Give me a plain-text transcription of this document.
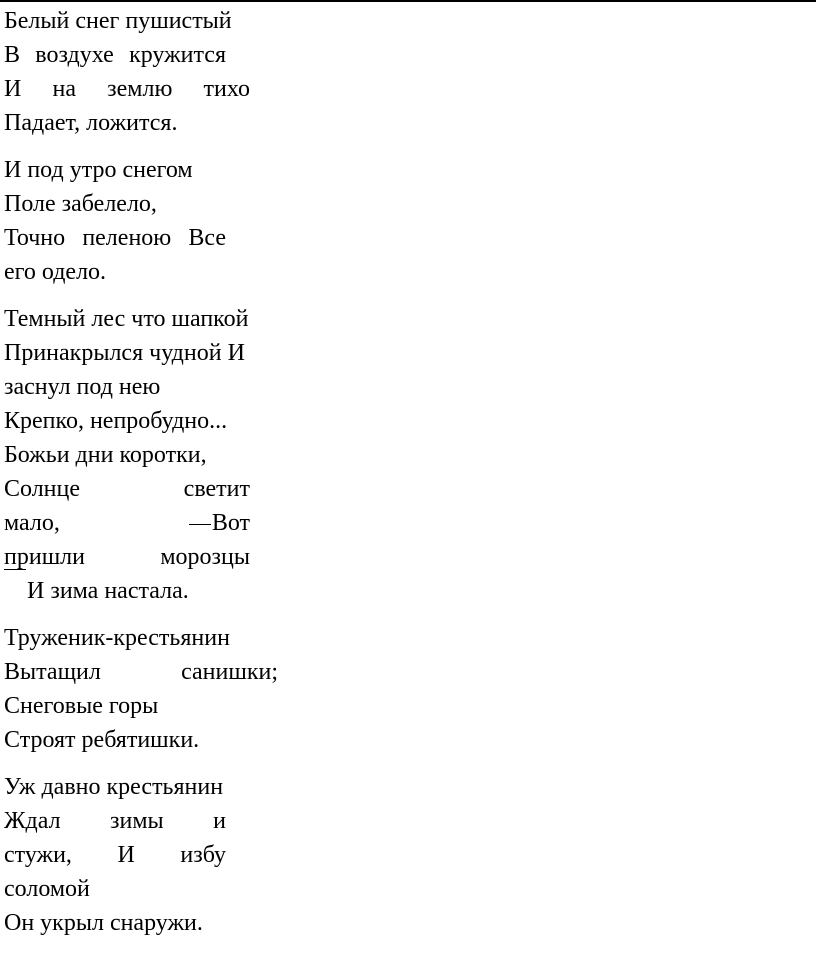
Белый снег пушистый
В воздухе кружится
И на землю тихо
Падает, ложится.
И под утро снегом
Поле забелело,
Точно пеленою Все
его одело.
Темный лес что шапкой
Принакрылся чудной И
заснул под нею
Крепко, непробудно...
Божьи дни коротки,
Солнце	светит
мало,	Вот
пришли	морозцы
И зима настала.
Труженик-крестьянин
Вытащил	санишки;
Снеговые горы
Строят ребятишки.
Уж давно крестьянин
Ждал зимы и
стужи, И избу
соломой
Он укрыл снаружи.
